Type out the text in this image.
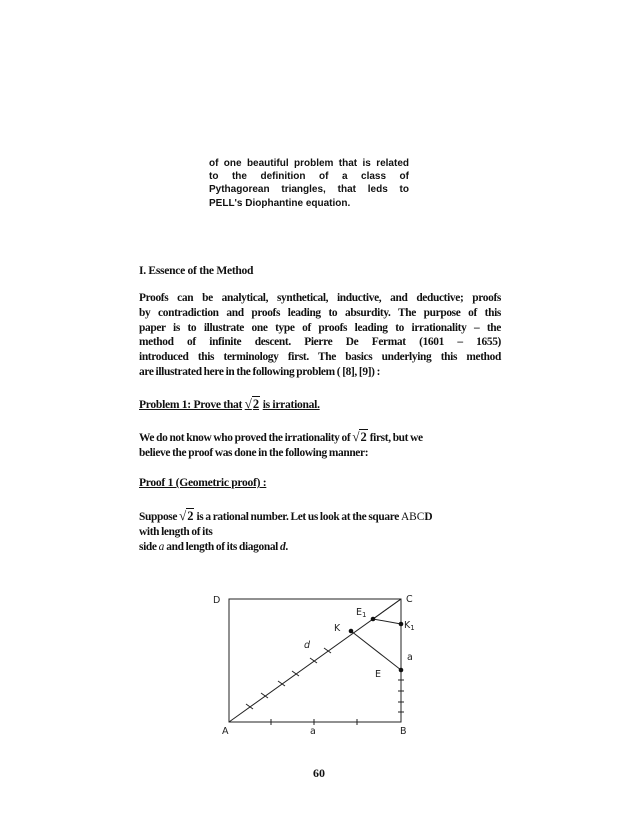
of one beautiful problem that is related
to the definition of a class of
Pythagorean triangles, that leds to
PELL's Diophantine equation.
I. Essence of the Method
Proofs can be analytical, synthetical, inductive, and deductive; proofs
by contradiction and proofs leading to absurdity. The purpose of this
paper is to illustrate one type of proofs leading to irrationality – the
method of infinite descent. Pierre De Fermat (1601 – 1655)
introduced this terminology first. The basics underlying this method
are illustrated here in the following problem ( [8], [9]) :
Problem 1: Prove that √2 is irrational.
We do not know who proved the irrationality of √2 first, but we
believe the proof was done in the following manner:
Proof 1 (Geometric proof) :
Suppose √2 is a rational number. Let us look at the square ABCD
with length of its
side a and length of its diagonal d.
D	C
A	B
$E_1$
$K_1$
K
E
d
a
a
60
